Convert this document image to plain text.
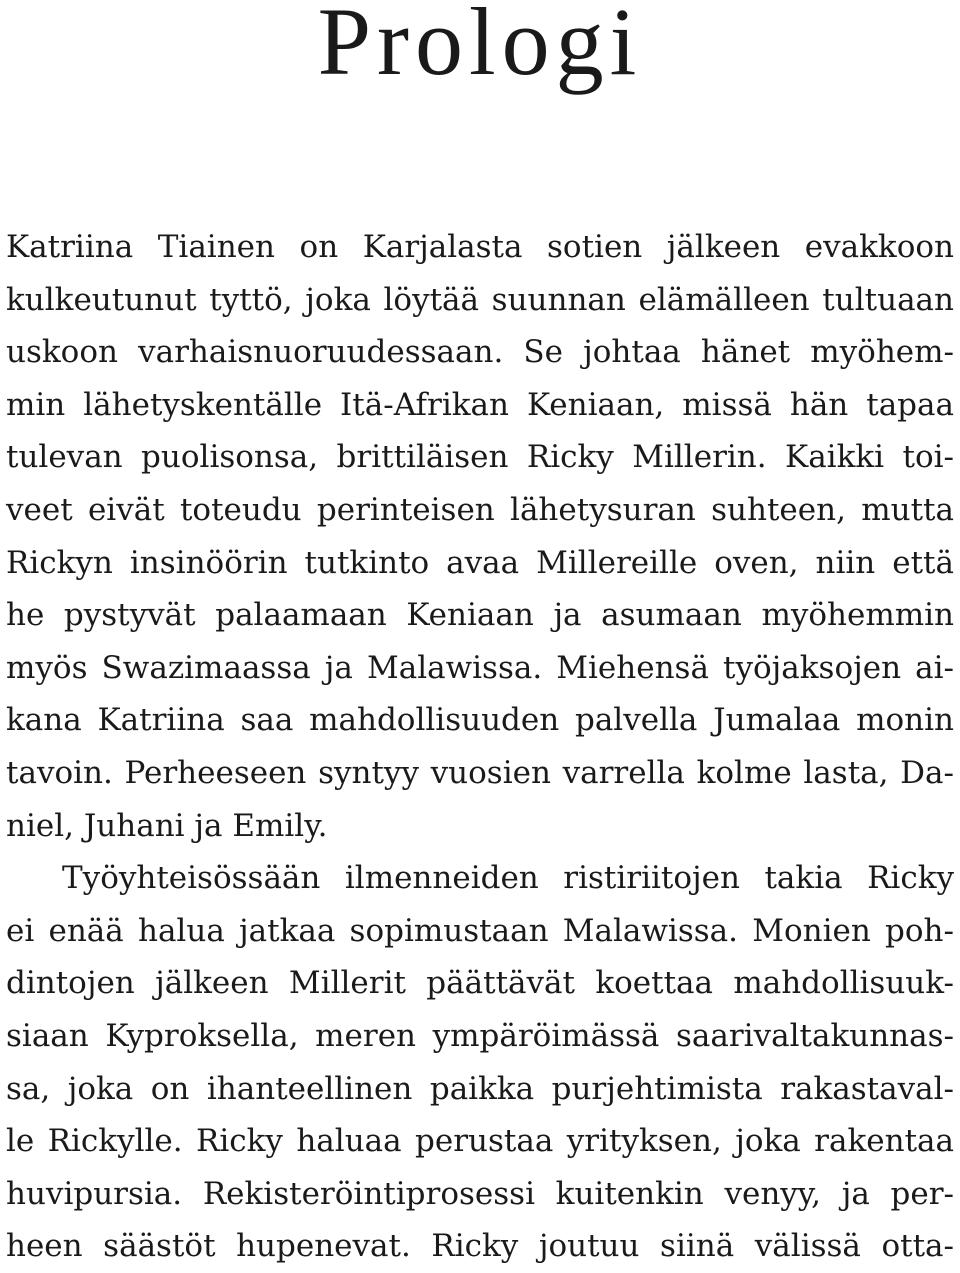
Prologi
Katriina Tiainen on Karjalasta sotien jälkeen evakkoon
kulkeutunut tyttö, joka löytää suunnan elämälleen tultuaan
uskoon varhaisnuoruudessaan. Se johtaa hänet myöhem-
min lähetyskentälle Itä-Afrikan Keniaan, missä hän tapaa
tulevan puolisonsa, brittiläisen Ricky Millerin. Kaikki toi-
veet eivät toteudu perinteisen lähetysuran suhteen, mutta
Rickyn insinöörin tutkinto avaa Millereille oven, niin että
he pystyvät palaamaan Keniaan ja asumaan myöhemmin
myös Swazimaassa ja Malawissa. Miehensä työjaksojen ai-
kana Katriina saa mahdollisuuden palvella Jumalaa monin
tavoin. Perheeseen syntyy vuosien varrella kolme lasta, Da-
niel, Juhani ja Emily.
Työyhteisössään ilmenneiden ristiriitojen takia Ricky
ei enää halua jatkaa sopimustaan Malawissa. Monien poh-
dintojen jälkeen Millerit päättävät koettaa mahdollisuuk-
siaan Kyproksella, meren ympäröimässä saarivaltakunnas-
sa, joka on ihanteellinen paikka purjehtimista rakastaval-
le Rickylle. Ricky haluaa perustaa yrityksen, joka rakentaa
huvipursia. Rekisteröintiprosessi kuitenkin venyy, ja per-
heen säästöt hupenevat. Ricky joutuu siinä välissä otta-
